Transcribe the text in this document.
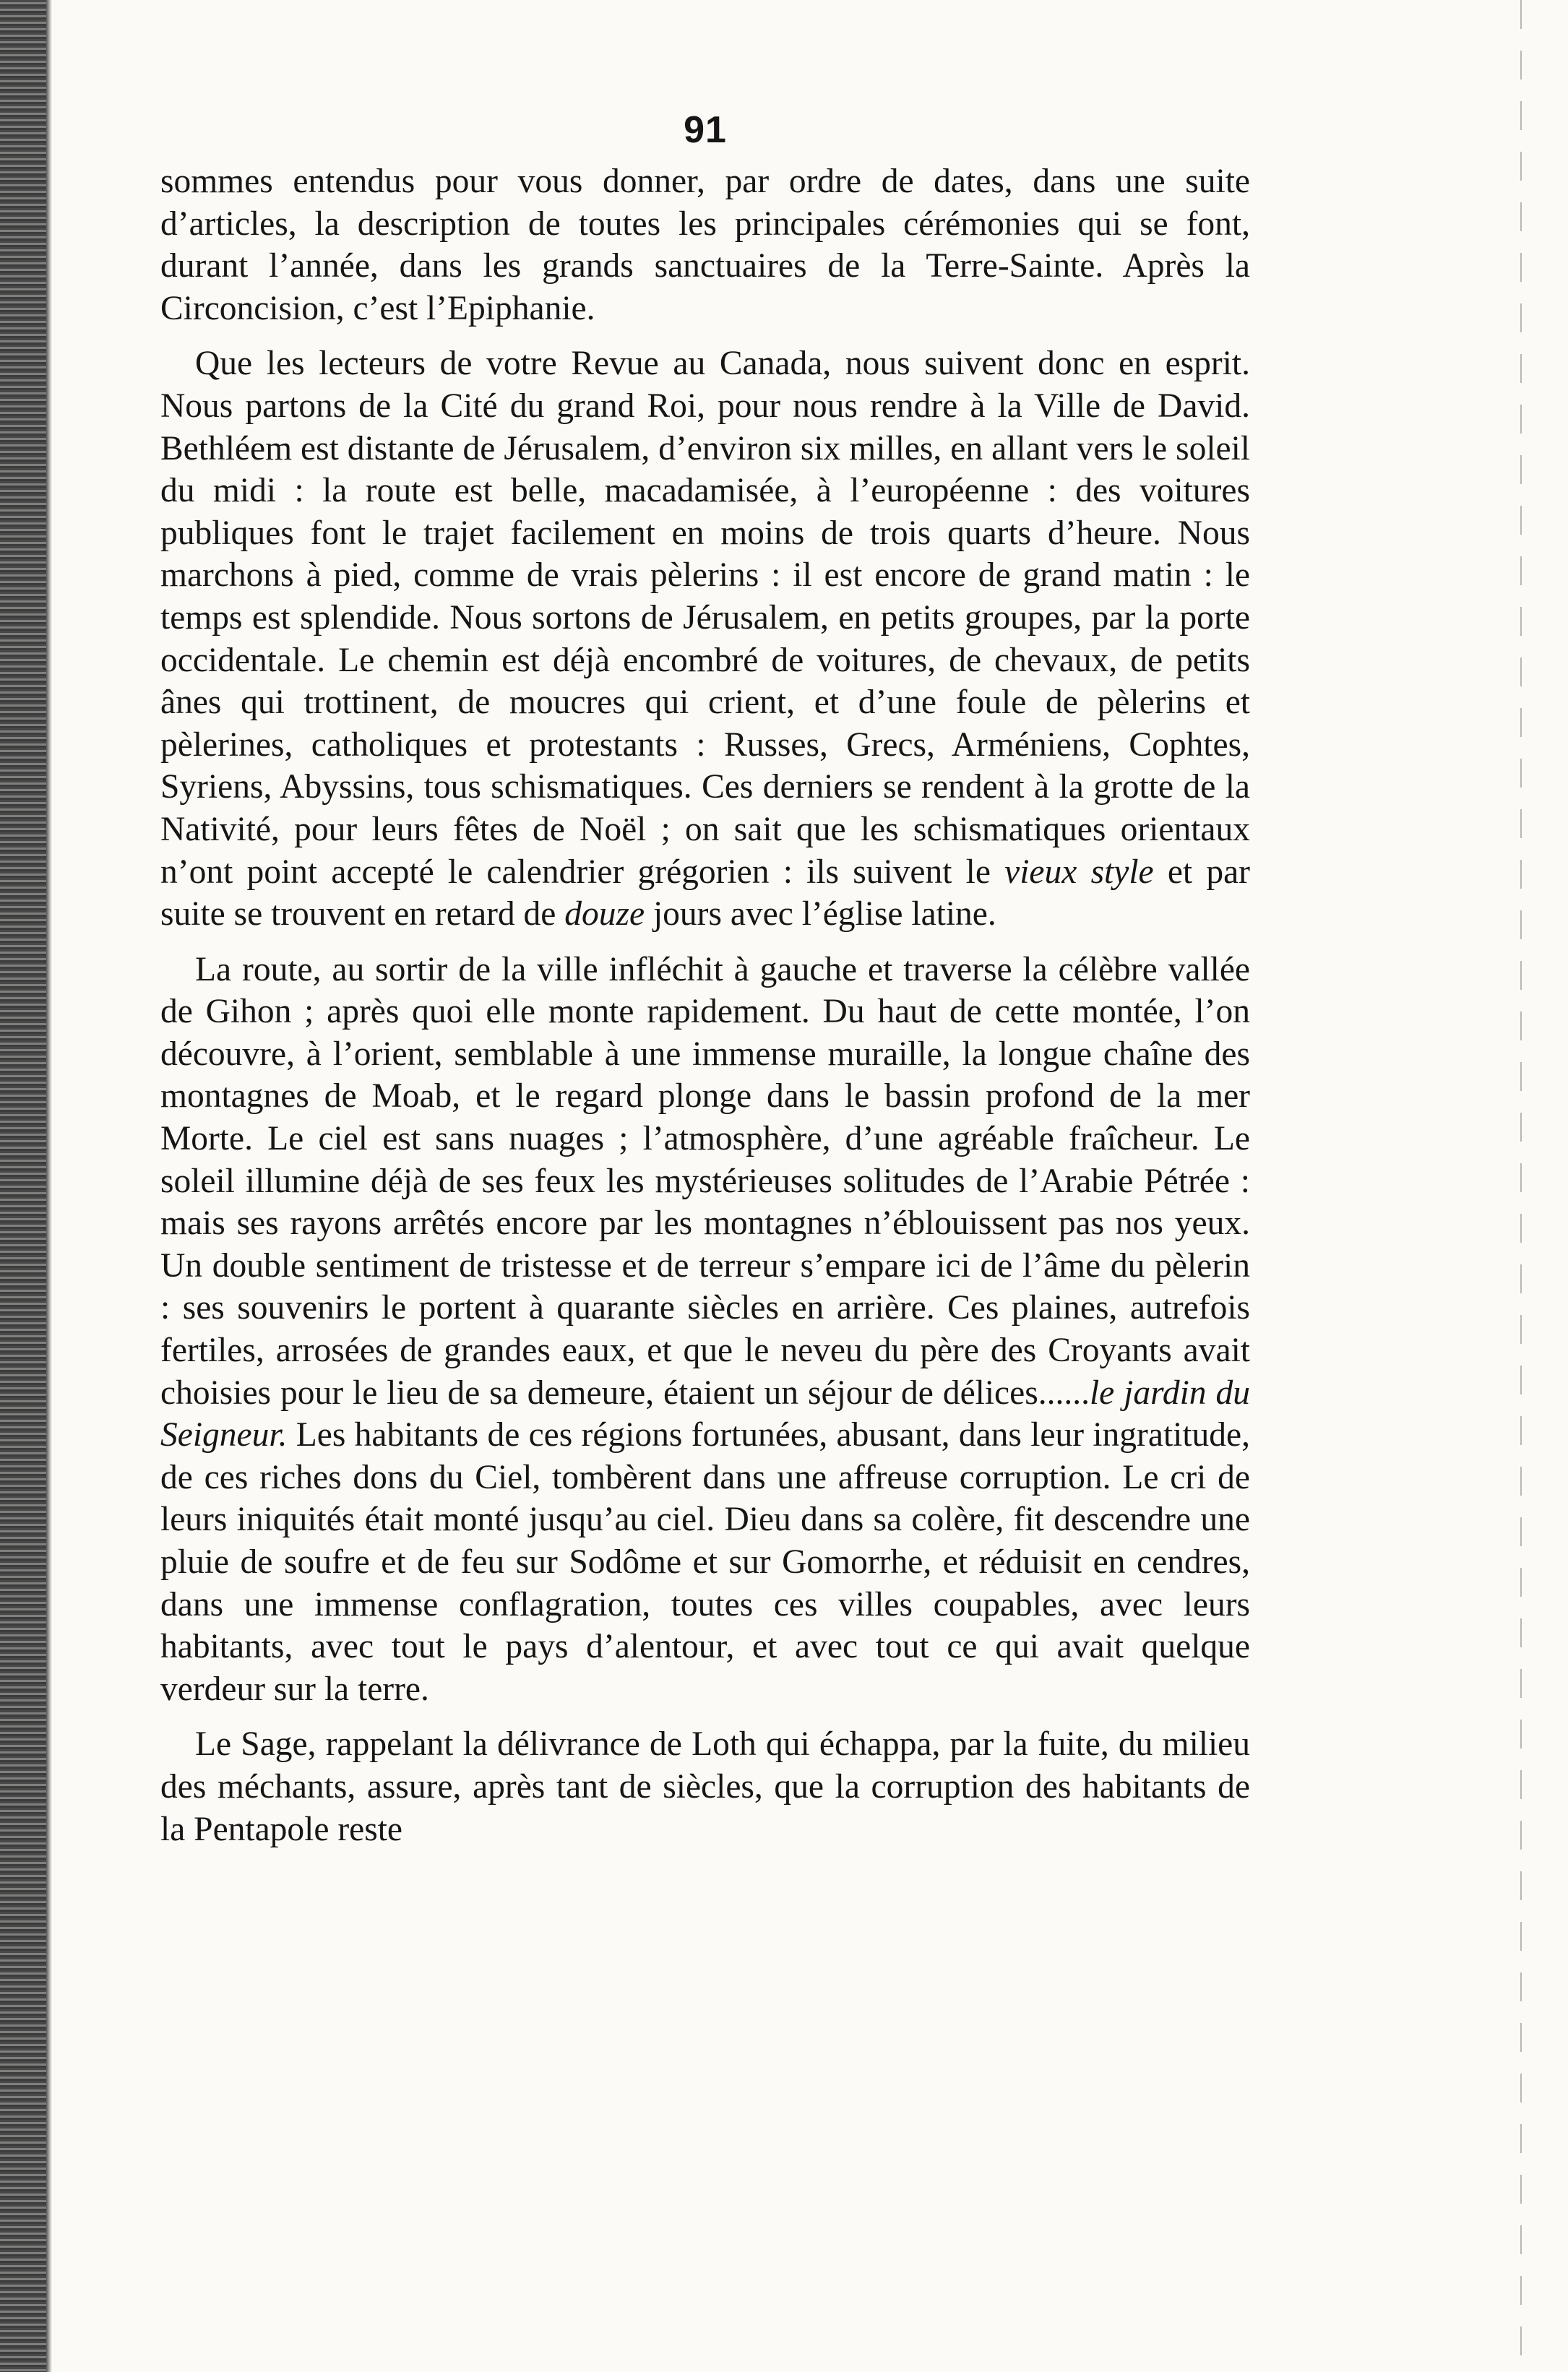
91

sommes entendus pour vous donner, par ordre de dates, dans une suite d’articles, la description de toutes les principales cérémonies qui se font, durant l’année, dans les grands sanctuaires de la Terre-Sainte. Après la Circoncision, c’est l’Epiphanie.

Que les lecteurs de votre Revue au Canada, nous suivent donc en esprit. Nous partons de la Cité du grand Roi, pour nous rendre à la Ville de David. Bethléem est distante de Jérusalem, d’environ six milles, en allant vers le soleil du midi : la route est belle, macadamisée, à l’européenne : des voitures publiques font le trajet facilement en moins de trois quarts d’heure. Nous marchons à pied, comme de vrais pèlerins : il est encore de grand matin : le temps est splendide. Nous sortons de Jérusalem, en petits groupes, par la porte occidentale. Le chemin est déjà encombré de voitures, de chevaux, de petits ânes qui trottinent, de moucres qui crient, et d’une foule de pèlerins et pèlerines, catholiques et protestants : Russes, Grecs, Arméniens, Cophtes, Syriens, Abyssins, tous schismatiques. Ces derniers se rendent à la grotte de la Nativité, pour leurs fêtes de Noël ; on sait que les schismatiques orientaux n’ont point accepté le calendrier grégorien : ils suivent le vieux style et par suite se trouvent en retard de douze jours avec l’église latine.

La route, au sortir de la ville infléchit à gauche et traverse la célèbre vallée de Gihon ; après quoi elle monte rapidement. Du haut de cette montée, l’on découvre, à l’orient, semblable à une immense muraille, la longue chaîne des montagnes de Moab, et le regard plonge dans le bassin profond de la mer Morte. Le ciel est sans nuages ; l’atmosphère, d’une agréable fraîcheur. Le soleil illumine déjà de ses feux les mystérieuses solitudes de l’Arabie Pétrée : mais ses rayons arrêtés encore par les montagnes n’éblouissent pas nos yeux. Un double sentiment de tristesse et de terreur s’empare ici de l’âme du pèlerin : ses souvenirs le portent à quarante siècles en arrière. Ces plaines, autrefois fertiles, arrosées de grandes eaux, et que le neveu du père des Croyants avait choisies pour le lieu de sa demeure, étaient un séjour de délices......le jardin du Seigneur. Les habitants de ces régions fortunées, abusant, dans leur ingratitude, de ces riches dons du Ciel, tombèrent dans une affreuse corruption. Le cri de leurs iniquités était monté jusqu’au ciel. Dieu dans sa colère, fit descendre une pluie de soufre et de feu sur Sodôme et sur Gomorrhe, et réduisit en cendres, dans une immense conflagration, toutes ces villes coupables, avec leurs habitants, avec tout le pays d’alentour, et avec tout ce qui avait quelque verdeur sur la terre.

Le Sage, rappelant la délivrance de Loth qui échappa, par la fuite, du milieu des méchants, assure, après tant de siècles, que la corruption des habitants de la Pentapole reste
